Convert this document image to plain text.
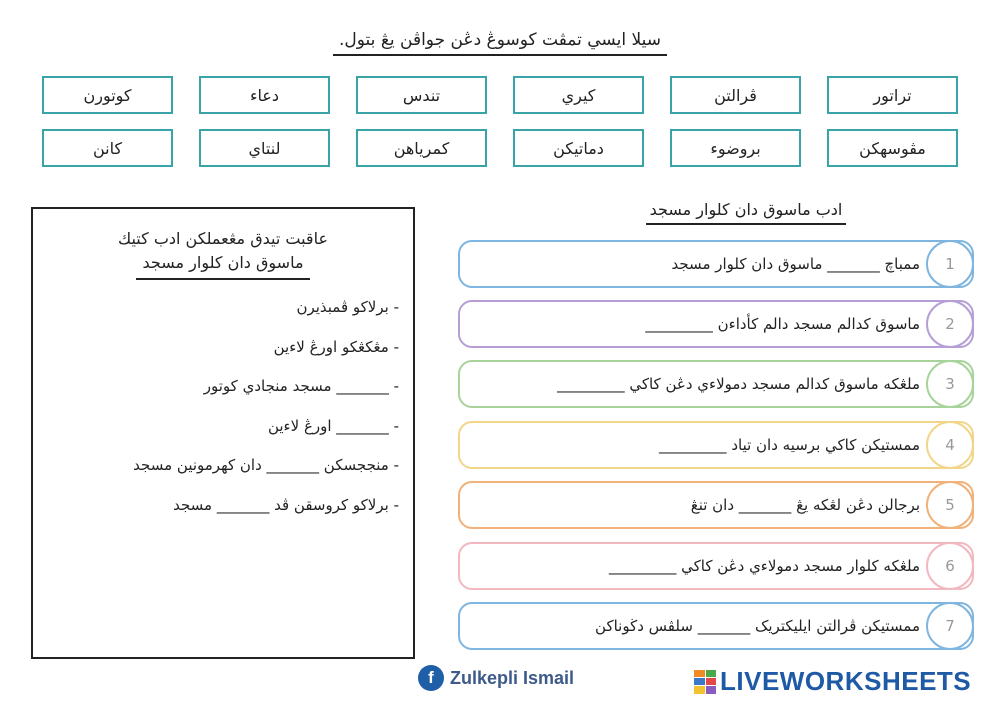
سيلا ايسي تمڤت كوسوڠ دڠن جواڤن يڠ بتول.
تراتور
ڤرالتن
كيري
تندس
دعاء
كوتورن
مڤوسهكن
بروضوء
دماتيكن
كمرياهن
لنتاي
كانن
عاقبت تيدق مڠعملكن ادب كتيك
ماسوق دان كلوار مسجد
- برلاكو ڤمبذيرن
- مڠكڠكو اورڠ لاءين
- _______ مسجد منجادي كوتور
- _______ اورڠ لاءين
- منججسكن _______ دان كهرمونين مسجد
- برلاكو كروسقن ڤد _______ مسجد
ادب ماسوق دان كلوار مسجد
1
ممباچ _______ ماسوق دان كلوار مسجد
2
ماسوق كدالم مسجد دالم كأداءن _________
3
ملڠكه ماسوق كدالم مسجد دمولاءي دڠن كاكي _________
4
ممستيكن كاكي برسيه دان تياد _________
5
برجالن دڠن لڠكه يڠ _______ دان تنڠ
6
ملڠكه كلوار مسجد دمولاءي دڠن كاكي _________
7
ممستيكن ڤرالتن ايليكتريک _______ سلڤس دڬوناكن
f Zulkepli Ismail	LIVEWORKSHEETS
